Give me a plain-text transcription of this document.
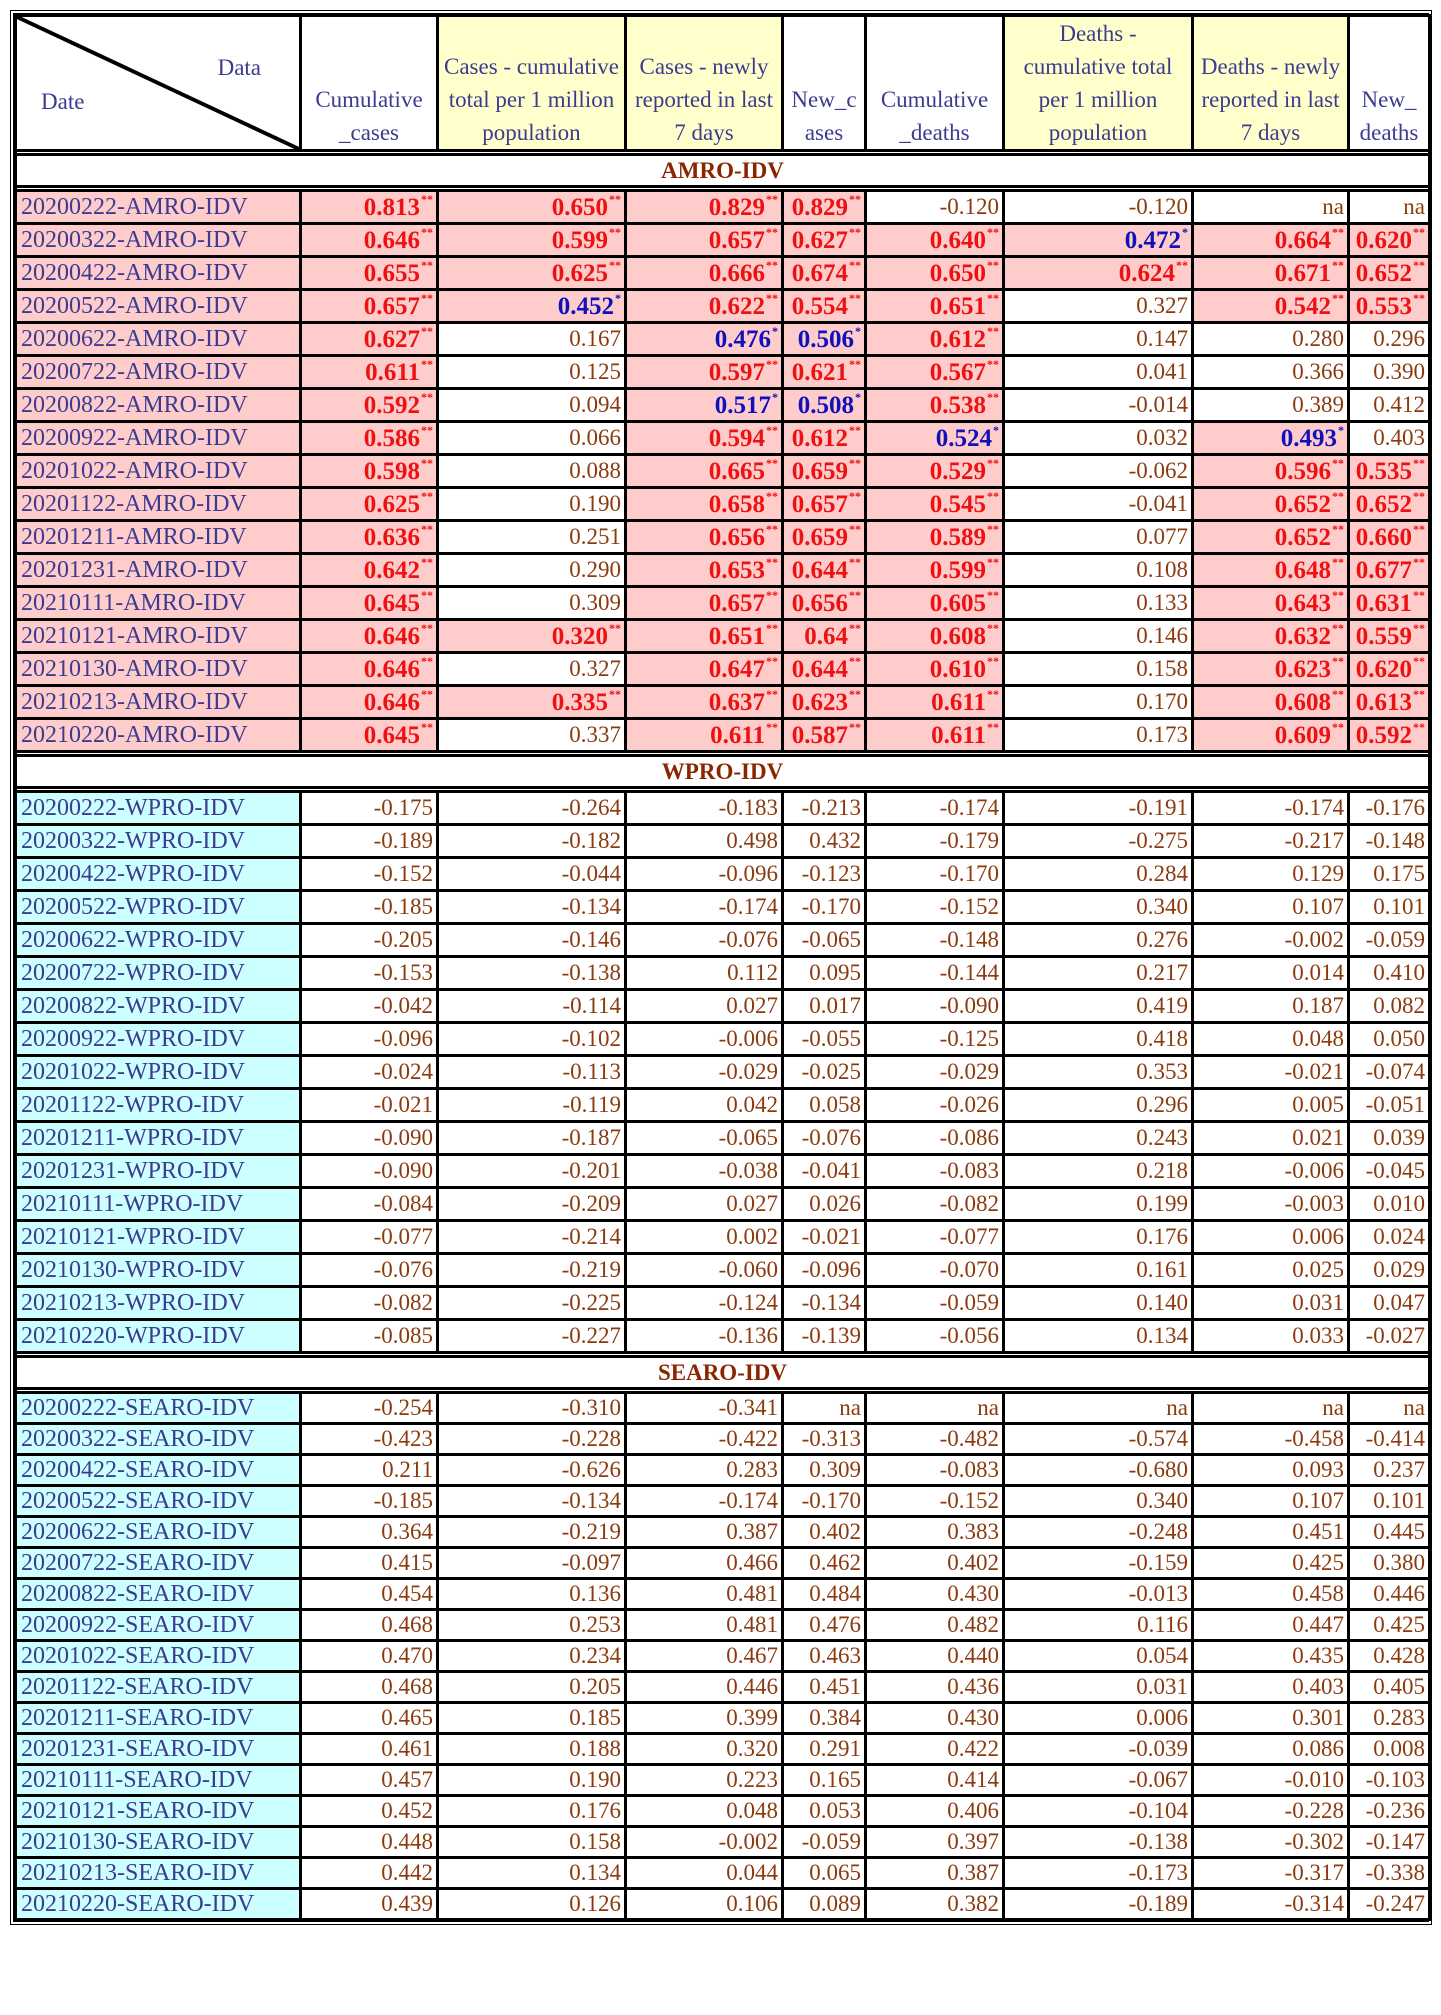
Data
Date	Cumulative _cases	Cases - cumulative total per 1 million population	Cases - newly reported in last 7 days	New_c ases	Cumulative _deaths	Deaths - cumulative total per 1 million population	Deaths - newly reported in last 7 days	New_ deaths

AMRO-IDV								

20200222-AMRO-IDV	0.813**	0.650**	0.829**	0.829**	-0.120	-0.120	na	na
20200322-AMRO-IDV	0.646**	0.599**	0.657**	0.627**	0.640**	0.472*	0.664**	0.620**
20200422-AMRO-IDV	0.655**	0.625**	0.666**	0.674**	0.650**	0.624**	0.671**	0.652**
20200522-AMRO-IDV	0.657**	0.452*	0.622**	0.554**	0.651**	0.327	0.542**	0.553**
20200622-AMRO-IDV	0.627**	0.167	0.476*	0.506*	0.612**	0.147	0.280	0.296
20200722-AMRO-IDV	0.611**	0.125	0.597**	0.621**	0.567**	0.041	0.366	0.390
20200822-AMRO-IDV	0.592**	0.094	0.517*	0.508*	0.538**	-0.014	0.389	0.412
20200922-AMRO-IDV	0.586**	0.066	0.594**	0.612**	0.524*	0.032	0.493*	0.403
20201022-AMRO-IDV	0.598**	0.088	0.665**	0.659**	0.529**	-0.062	0.596**	0.535**
20201122-AMRO-IDV	0.625**	0.190	0.658**	0.657**	0.545**	-0.041	0.652**	0.652**
20201211-AMRO-IDV	0.636**	0.251	0.656**	0.659**	0.589**	0.077	0.652**	0.660**
20201231-AMRO-IDV	0.642**	0.290	0.653**	0.644**	0.599**	0.108	0.648**	0.677**
20210111-AMRO-IDV	0.645**	0.309	0.657**	0.656**	0.605**	0.133	0.643**	0.631**
20210121-AMRO-IDV	0.646**	0.320**	0.651**	0.64**	0.608**	0.146	0.632**	0.559**
20210130-AMRO-IDV	0.646**	0.327	0.647**	0.644**	0.610**	0.158	0.623**	0.620**
20210213-AMRO-IDV	0.646**	0.335**	0.637**	0.623**	0.611**	0.170	0.608**	0.613**
20210220-AMRO-IDV	0.645**	0.337	0.611**	0.587**	0.611**	0.173	0.609**	0.592**

WPRO-IDV								

20200222-WPRO-IDV	-0.175	-0.264	-0.183	-0.213	-0.174	-0.191	-0.174	-0.176
20200322-WPRO-IDV	-0.189	-0.182	0.498	0.432	-0.179	-0.275	-0.217	-0.148
20200422-WPRO-IDV	-0.152	-0.044	-0.096	-0.123	-0.170	0.284	0.129	0.175
20200522-WPRO-IDV	-0.185	-0.134	-0.174	-0.170	-0.152	0.340	0.107	0.101
20200622-WPRO-IDV	-0.205	-0.146	-0.076	-0.065	-0.148	0.276	-0.002	-0.059
20200722-WPRO-IDV	-0.153	-0.138	0.112	0.095	-0.144	0.217	0.014	0.410
20200822-WPRO-IDV	-0.042	-0.114	0.027	0.017	-0.090	0.419	0.187	0.082
20200922-WPRO-IDV	-0.096	-0.102	-0.006	-0.055	-0.125	0.418	0.048	0.050
20201022-WPRO-IDV	-0.024	-0.113	-0.029	-0.025	-0.029	0.353	-0.021	-0.074
20201122-WPRO-IDV	-0.021	-0.119	0.042	0.058	-0.026	0.296	0.005	-0.051
20201211-WPRO-IDV	-0.090	-0.187	-0.065	-0.076	-0.086	0.243	0.021	0.039
20201231-WPRO-IDV	-0.090	-0.201	-0.038	-0.041	-0.083	0.218	-0.006	-0.045
20210111-WPRO-IDV	-0.084	-0.209	0.027	0.026	-0.082	0.199	-0.003	0.010
20210121-WPRO-IDV	-0.077	-0.214	0.002	-0.021	-0.077	0.176	0.006	0.024
20210130-WPRO-IDV	-0.076	-0.219	-0.060	-0.096	-0.070	0.161	0.025	0.029
20210213-WPRO-IDV	-0.082	-0.225	-0.124	-0.134	-0.059	0.140	0.031	0.047
20210220-WPRO-IDV	-0.085	-0.227	-0.136	-0.139	-0.056	0.134	0.033	-0.027

SEARO-IDV								

20200222-SEARO-IDV	-0.254	-0.310	-0.341	na	na	na	na	na
20200322-SEARO-IDV	-0.423	-0.228	-0.422	-0.313	-0.482	-0.574	-0.458	-0.414
20200422-SEARO-IDV	0.211	-0.626	0.283	0.309	-0.083	-0.680	0.093	0.237
20200522-SEARO-IDV	-0.185	-0.134	-0.174	-0.170	-0.152	0.340	0.107	0.101
20200622-SEARO-IDV	0.364	-0.219	0.387	0.402	0.383	-0.248	0.451	0.445
20200722-SEARO-IDV	0.415	-0.097	0.466	0.462	0.402	-0.159	0.425	0.380
20200822-SEARO-IDV	0.454	0.136	0.481	0.484	0.430	-0.013	0.458	0.446
20200922-SEARO-IDV	0.468	0.253	0.481	0.476	0.482	0.116	0.447	0.425
20201022-SEARO-IDV	0.470	0.234	0.467	0.463	0.440	0.054	0.435	0.428
20201122-SEARO-IDV	0.468	0.205	0.446	0.451	0.436	0.031	0.403	0.405
20201211-SEARO-IDV	0.465	0.185	0.399	0.384	0.430	0.006	0.301	0.283
20201231-SEARO-IDV	0.461	0.188	0.320	0.291	0.422	-0.039	0.086	0.008
20210111-SEARO-IDV	0.457	0.190	0.223	0.165	0.414	-0.067	-0.010	-0.103
20210121-SEARO-IDV	0.452	0.176	0.048	0.053	0.406	-0.104	-0.228	-0.236
20210130-SEARO-IDV	0.448	0.158	-0.002	-0.059	0.397	-0.138	-0.302	-0.147
20210213-SEARO-IDV	0.442	0.134	0.044	0.065	0.387	-0.173	-0.317	-0.338
20210220-SEARO-IDV	0.439	0.126	0.106	0.089	0.382	-0.189	-0.314	-0.247
